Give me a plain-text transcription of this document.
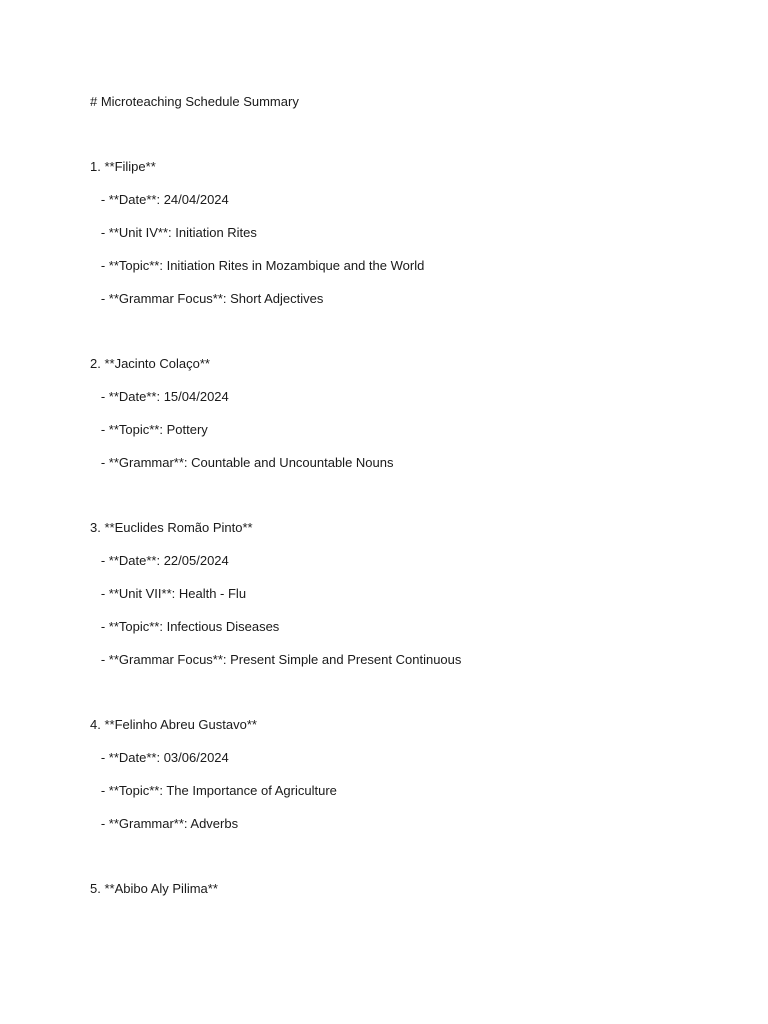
# Microteaching Schedule Summary

1. **Filipe**

- **Date**: 24/04/2024

- **Unit IV**: Initiation Rites

- **Topic**: Initiation Rites in Mozambique and the World

- **Grammar Focus**: Short Adjectives

2. **Jacinto Colaço**

- **Date**: 15/04/2024

- **Topic**: Pottery

- **Grammar**: Countable and Uncountable Nouns

3. **Euclides Romão Pinto**

- **Date**: 22/05/2024

- **Unit VII**: Health - Flu

- **Topic**: Infectious Diseases

- **Grammar Focus**: Present Simple and Present Continuous

4. **Felinho Abreu Gustavo**

- **Date**: 03/06/2024

- **Topic**: The Importance of Agriculture

- **Grammar**: Adverbs

5. **Abibo Aly Pilima**
